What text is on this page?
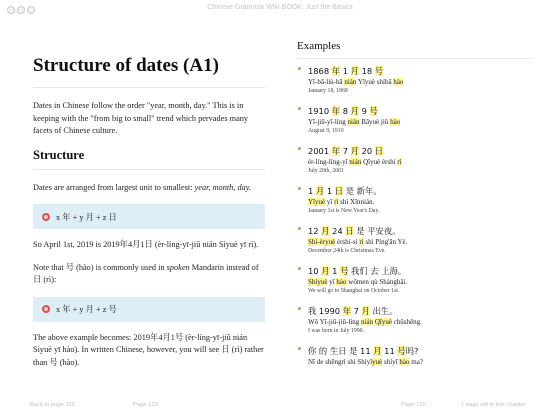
Chinese Grammar Wiki BOOK: Just the Basics
Structure of dates (A1)

Dates in Chinese follow the order "year, month, day." This is in keeping with the "from big to small" trend which pervades many facets of Chinese culture.

Structure

Dates are arranged from largest unit to smallest: year, month, day.

x 年 + y 月 + z 日

So April 1st, 2019 is 2019年4月1日 (èr-líng-yī-jiǔ nián Sìyuè yī rì).

Note that 号 (hào) is commonly used in spoken Mandarin instead of 日 (rì):

x 年 + y 月 + z 号

The above example becomes: 2019年4月1号 (èr-líng-yī-jiǔ nián Sìyuè yī hào). In written Chinese, however, you will see 日 (rì) rather than 号 (hào).

Examples
1868 年 1 月 18 号
Yī-bā-liù-bā nián Yīyuè shíbā hào
January 18, 1868
1910 年 8 月 9 号
Yī-jiǔ-yī-líng nián Bāyuè jiǔ hào
August 9, 1910
2001 年 7 月 20 日
èr-líng-líng-yī nián Qīyuè èrshí rì
July 20th, 2001
1 月 1 日 是 新年。
Yīyuè yī rì shì Xīnnián.
January 1st is New Year's Day.
12 月 24 日 是 平安夜。
Shí-èryuè èrshí-sì rì shì Píng'ān Yè.
December 24th is Christmas Eve.
10 月 1 号 我们 去 上海。
Shíyuè yī hào wǒmen qù Shànghǎi.
We will go to Shanghai on October 1st.
我 1990 年 7 月 出生。
Wǒ Yī-jiǔ-jiǔ-líng nián Qīyuè chūshēng.
I was born in July 1990.
你 的 生日 是 11 月 11 号吗?
Nǐ de shēngrì shì Shíyīyuè shíyī hào ma?
Back to page 125	Page 129	Page 130	1 page left in this chapter
